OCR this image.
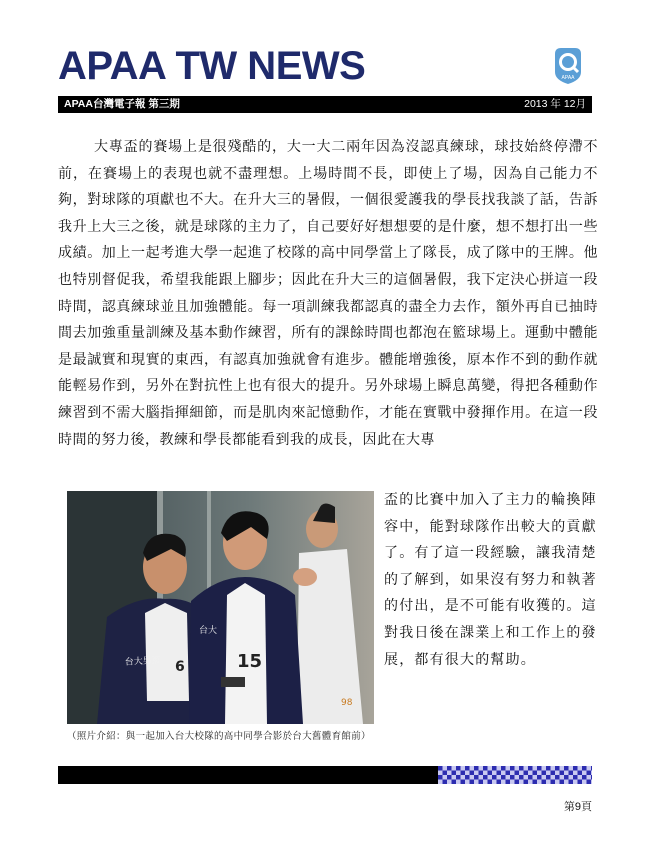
APAA TW NEWS	APAA
APAA台灣電子報 第三期	2013 年 12月

大專盃的賽場上是很殘酷的，大一大二兩年因為沒認真練球，球技始終停滯不前，在賽場上的表現也就不盡理想。上場時間不長，即使上了場，因為自己能力不夠，對球隊的項獻也不大。在升大三的暑假，一個很愛護我的學長找我談了話，告訴我升上大三之後，就是球隊的主力了，自己要好好想想要的是什麼，想不想打出一些成績。加上一起考進大學一起進了校隊的高中同學當上了隊長，成了隊中的王牌。他也特別督促我，希望我能跟上腳步；因此在升大三的這個暑假，我下定決心拼這一段時間，認真練球並且加強體能。每一項訓練我都認真的盡全力去作，額外再自已抽時間去加強重量訓練及基本動作練習，所有的課餘時間也都泡在籃球場上。運動中體能是最誠實和現實的東西，有認真加強就會有進步。體能增強後，原本作不到的動作就能輕易作到，另外在對抗性上也有很大的提升。另外球場上瞬息萬變，得把各種動作練習到不需大腦指揮細節，而是肌肉來記憶動作，才能在實戰中發揮作用。在這一段時間的努力後，教練和學長都能看到我的成長，因此在大專

台大男籃 6
台大
15
98

盃的比賽中加入了主力的輪換陣容中，能對球隊作出較大的貢獻了。有了這一段經驗，讓我清楚的了解到，如果沒有努力和執著的付出，是不可能有收獲的。這對我日後在課業上和工作上的發展，都有很大的幫助。

（照片介紹：與一起加入台大校隊的高中同學合影於台大舊體育館前）
第9頁
